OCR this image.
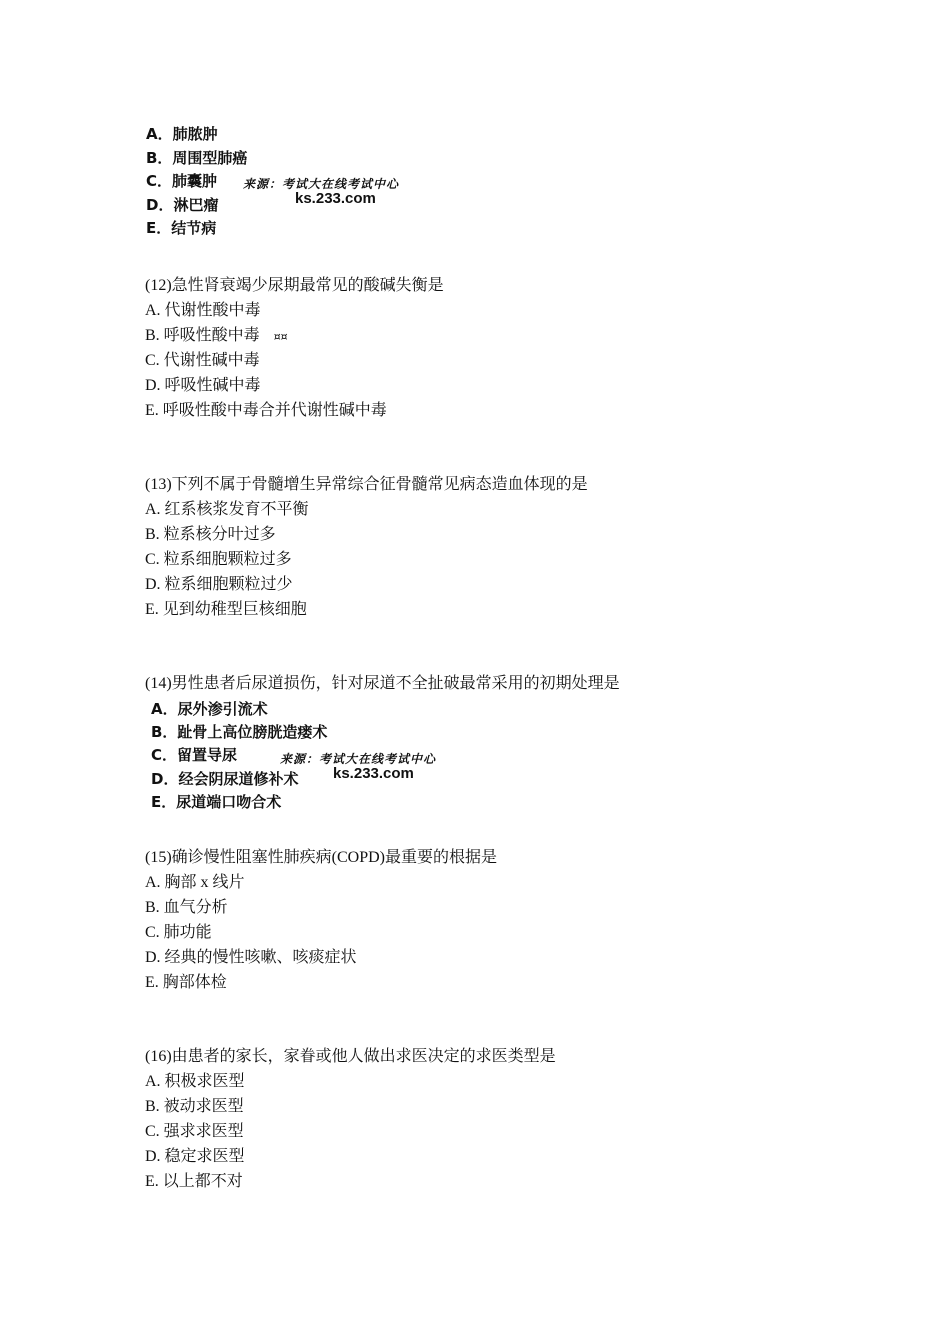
A．肺脓肿
B．周围型肺癌
C．肺囊肿
D．淋巴瘤
E．结节病
来源：考试大在线考试中心
ks.233.com
(12)急性肾衰竭少尿期最常见的酸碱失衡是
A. 代谢性酸中毒
B. 呼吸性酸中毒 ¤¤
C. 代谢性碱中毒
D. 呼吸性碱中毒
E. 呼吸性酸中毒合并代谢性碱中毒
(13)下列不属于骨髓增生异常综合征骨髓常见病态造血体现的是
A. 红系核浆发育不平衡
B. 粒系核分叶过多
C. 粒系细胞颗粒过多
D. 粒系细胞颗粒过少
E. 见到幼稚型巨核细胞
(14)男性患者后尿道损伤，针对尿道不全扯破最常采用的初期处理是
A．尿外渗引流术
B．趾骨上高位膀胱造瘘术
C．留置导尿
D．经会阴尿道修补术
E．尿道端口吻合术
来源：考试大在线考试中心
ks.233.com
(15)确诊慢性阻塞性肺疾病(COPD)最重要的根据是
A. 胸部 x 线片
B. 血气分析
C. 肺功能
D. 经典的慢性咳嗽、咳痰症状
E. 胸部体检
(16)由患者的家长，家眷或他人做出求医决定的求医类型是
A. 积极求医型
B. 被动求医型
C. 强求求医型
D. 稳定求医型
E. 以上都不对
